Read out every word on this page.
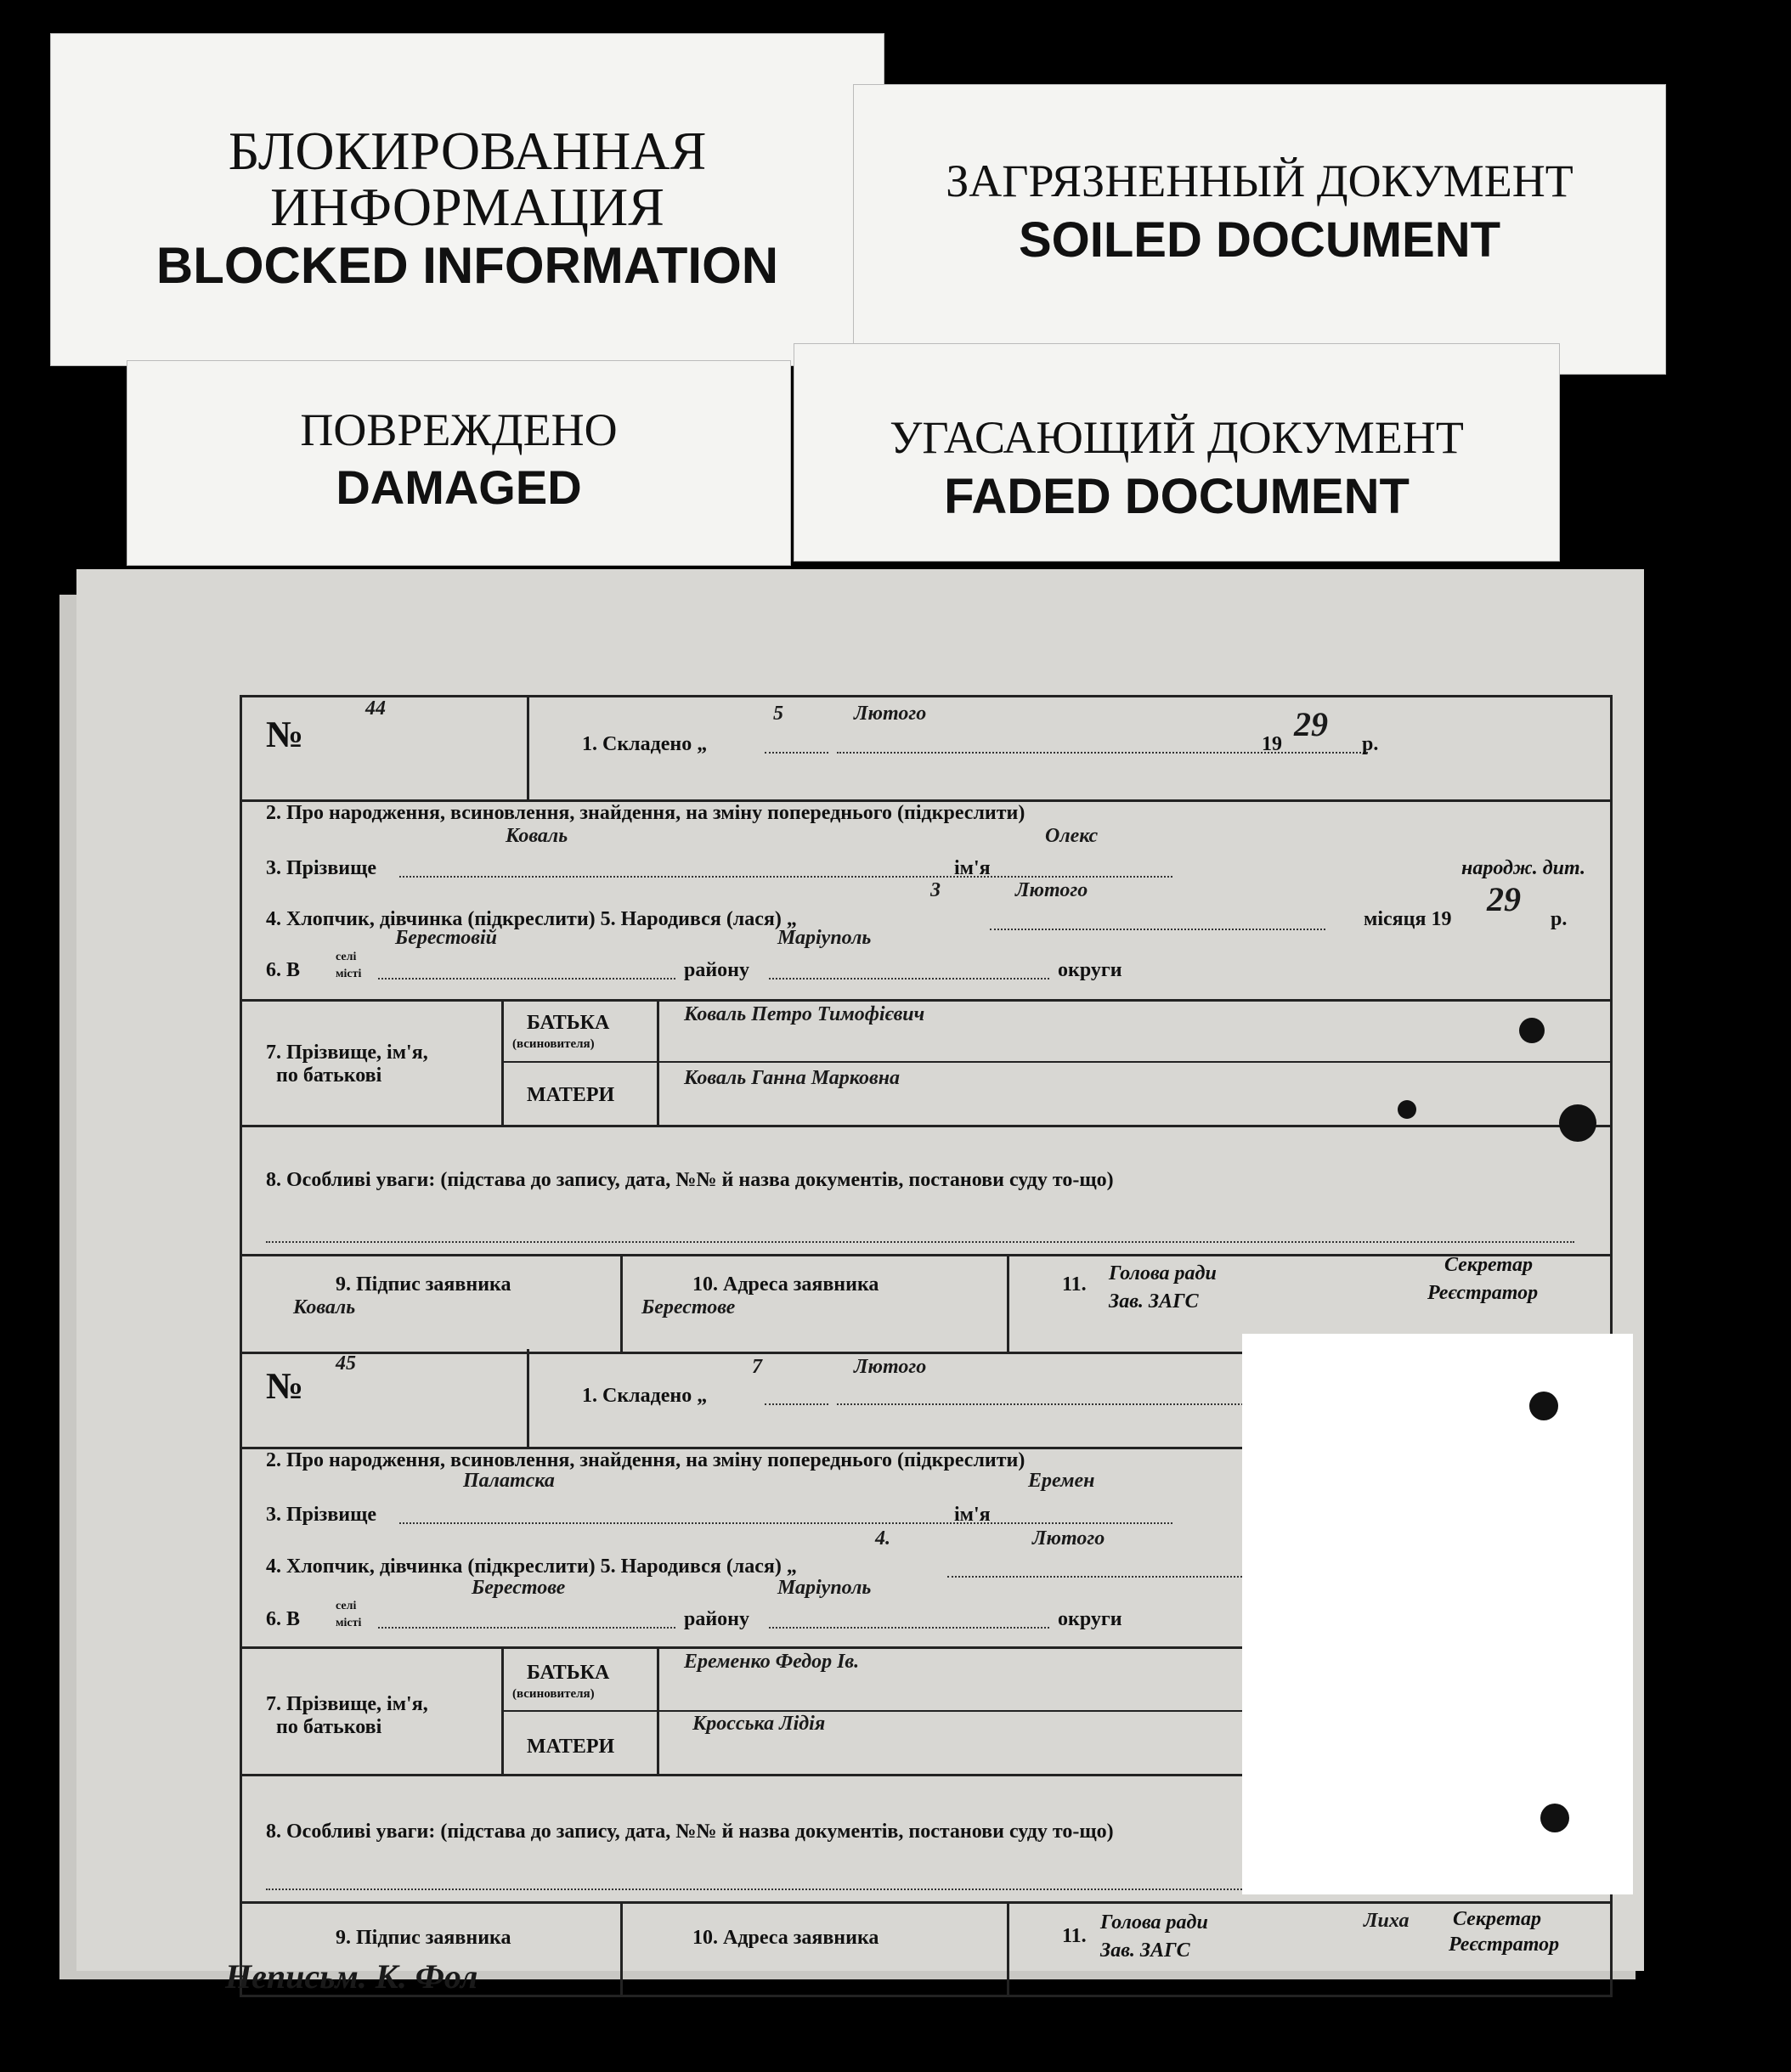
БЛОКИРОВАННАЯ
ИНФОРМАЦИЯ
BLOCKED INFORMATION
ЗАГРЯЗНЕННЫЙ ДОКУМЕНТ
SOILED DOCUMENT
ПОВРЕЖДЕНО
DAMAGED
УГАСАЮЩИЙ ДОКУМЕНТ
FADED DOCUMENT
№
44
1. Складено „
5	Лютого
19
29
р.
2. Про народження, всиновлення, знайдення, на зміну попереднього (підкреслити)
3. Прізвище
Коваль
ім'я
Олекс
народж. дит.
4. Хлопчик, дівчинка (підкреслити) 5. Народився (лася) „
3	Лютого
місяця 19
29
р.
6. В
селі
місті
Берестовій
району
Маріуполь
округи
7. Прізвище, ім'я,
по батькові
БАТЬКА
(всиновителя)
Коваль Петро Тимофієвич
МАТЕРИ
Коваль Ганна Марковна
8. Особливі уваги: (підстава до запису, дата, №№ й назва документів, постанови суду то-що)
9. Підпис заявника
Коваль
10. Адреса заявника
Берестове
11.	Голова ради
Зав. ЗАГС
Секретар
Реєстратор
№
45
1. Складено „
7	Лютого
2. Про народження, всиновлення, знайдення, на зміну попереднього (підкреслити)
3. Прізвище
Палатска
ім'я
Еремен
4. Хлопчик, дівчинка (підкреслити) 5. Народився (лася) „
4.	Лютого
6. В
селі
місті
Берестове
району
Маріуполь
округи
7. Прізвище, ім'я,
по батькові
БАТЬКА
(всиновителя)
Еременко Федор Ів.
МАТЕРИ
Кросська Лідія
8. Особливі уваги: (підстава до запису, дата, №№ й назва документів, постанови суду то-що)
9. Підпис заявника
Неписьм. К. Фол
10. Адреса заявника	11.
Голова ради
Зав. ЗАГС
Секретар
Реєстратор
Лиха
